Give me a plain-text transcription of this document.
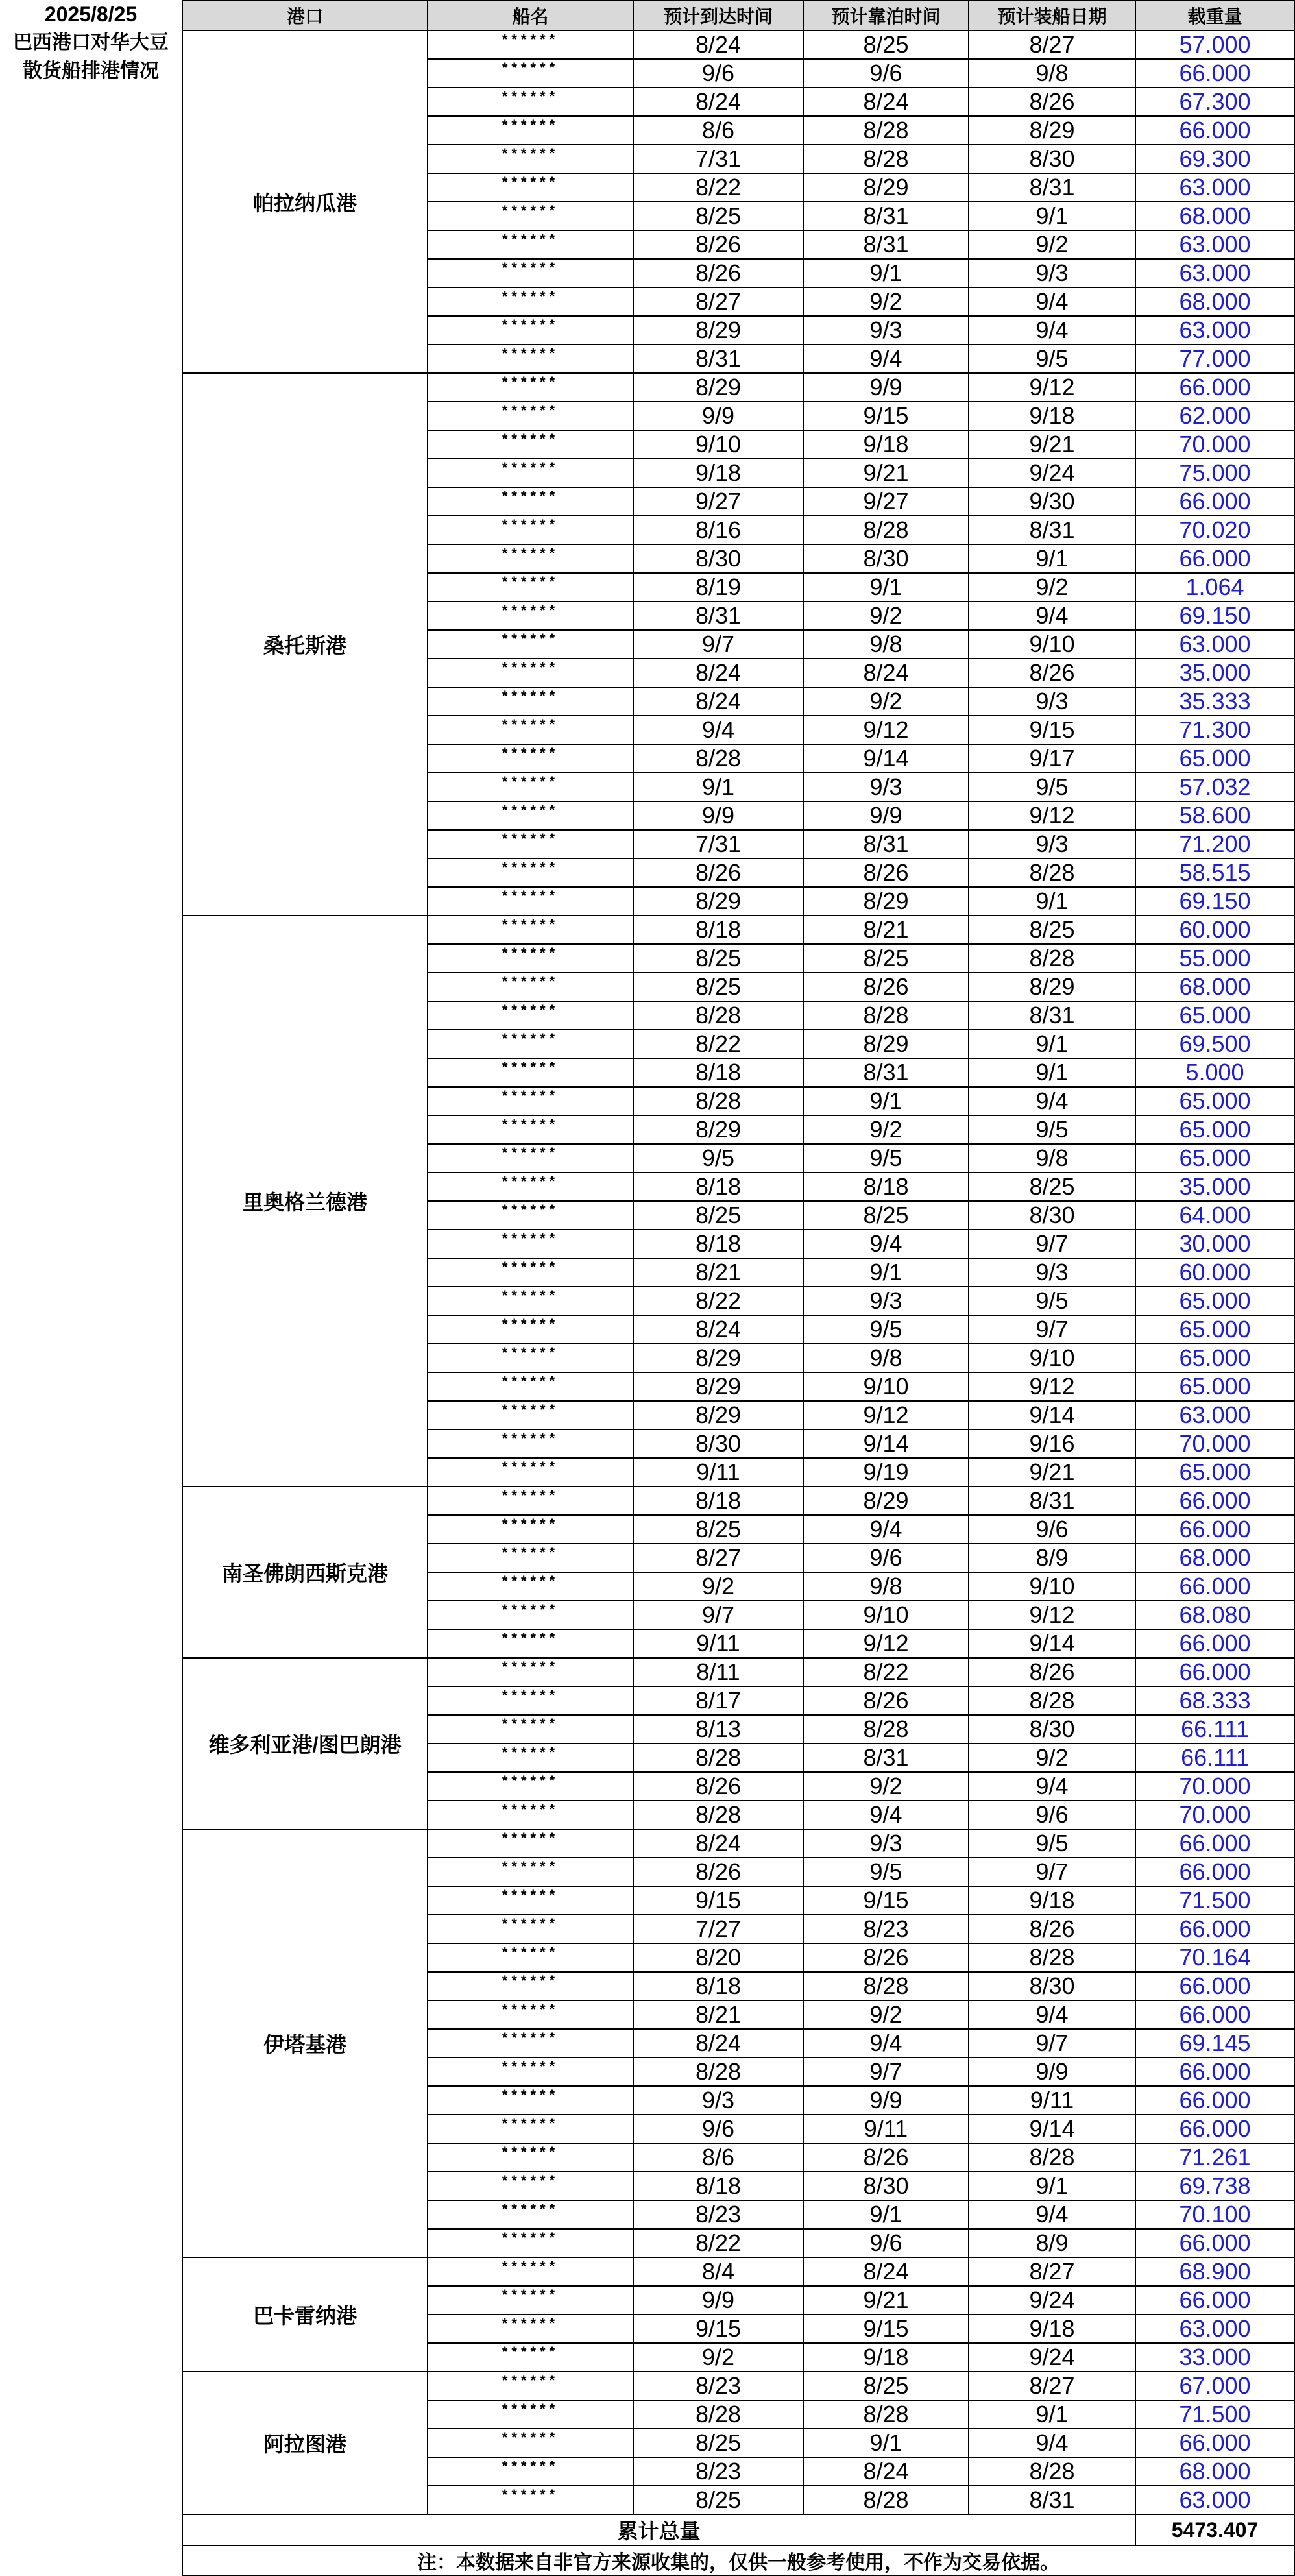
2025/8/25
巴西港口对华大豆
散货船排港情况
港口	船名	预计到达时间	预计靠泊时间	预计装船日期	载重量
帕拉纳瓜港	******	8/24	8/25	8/27	57.000
	******	9/6	9/6	9/8	66.000
	******	8/24	8/24	8/26	67.300
	******	8/6	8/28	8/29	66.000
	******	7/31	8/28	8/30	69.300
	******	8/22	8/29	8/31	63.000
	******	8/25	8/31	9/1	68.000
	******	8/26	8/31	9/2	63.000
	******	8/26	9/1	9/3	63.000
	******	8/27	9/2	9/4	68.000
	******	8/29	9/3	9/4	63.000
	******	8/31	9/4	9/5	77.000
桑托斯港	******	8/29	9/9	9/12	66.000
	******	9/9	9/15	9/18	62.000
	******	9/10	9/18	9/21	70.000
	******	9/18	9/21	9/24	75.000
	******	9/27	9/27	9/30	66.000
	******	8/16	8/28	8/31	70.020
	******	8/30	8/30	9/1	66.000
	******	8/19	9/1	9/2	1.064
	******	8/31	9/2	9/4	69.150
	******	9/7	9/8	9/10	63.000
	******	8/24	8/24	8/26	35.000
	******	8/24	9/2	9/3	35.333
	******	9/4	9/12	9/15	71.300
	******	8/28	9/14	9/17	65.000
	******	9/1	9/3	9/5	57.032
	******	9/9	9/9	9/12	58.600
	******	7/31	8/31	9/3	71.200
	******	8/26	8/26	8/28	58.515
	******	8/29	8/29	9/1	69.150
里奥格兰德港	******	8/18	8/21	8/25	60.000
	******	8/25	8/25	8/28	55.000
	******	8/25	8/26	8/29	68.000
	******	8/28	8/28	8/31	65.000
	******	8/22	8/29	9/1	69.500
	******	8/18	8/31	9/1	5.000
	******	8/28	9/1	9/4	65.000
	******	8/29	9/2	9/5	65.000
	******	9/5	9/5	9/8	65.000
	******	8/18	8/18	8/25	35.000
	******	8/25	8/25	8/30	64.000
	******	8/18	9/4	9/7	30.000
	******	8/21	9/1	9/3	60.000
	******	8/22	9/3	9/5	65.000
	******	8/24	9/5	9/7	65.000
	******	8/29	9/8	9/10	65.000
	******	8/29	9/10	9/12	65.000
	******	8/29	9/12	9/14	63.000
	******	8/30	9/14	9/16	70.000
	******	9/11	9/19	9/21	65.000
南圣佛朗西斯克港	******	8/18	8/29	8/31	66.000
	******	8/25	9/4	9/6	66.000
	******	8/27	9/6	8/9	68.000
	******	9/2	9/8	9/10	66.000
	******	9/7	9/10	9/12	68.080
	******	9/11	9/12	9/14	66.000
维多利亚港/图巴朗港	******	8/11	8/22	8/26	66.000
	******	8/17	8/26	8/28	68.333
	******	8/13	8/28	8/30	66.111
	******	8/28	8/31	9/2	66.111
	******	8/26	9/2	9/4	70.000
	******	8/28	9/4	9/6	70.000
伊塔基港	******	8/24	9/3	9/5	66.000
	******	8/26	9/5	9/7	66.000
	******	9/15	9/15	9/18	71.500
	******	7/27	8/23	8/26	66.000
	******	8/20	8/26	8/28	70.164
	******	8/18	8/28	8/30	66.000
	******	8/21	9/2	9/4	66.000
	******	8/24	9/4	9/7	69.145
	******	8/28	9/7	9/9	66.000
	******	9/3	9/9	9/11	66.000
	******	9/6	9/11	9/14	66.000
	******	8/6	8/26	8/28	71.261
	******	8/18	8/30	9/1	69.738
	******	8/23	9/1	9/4	70.100
	******	8/22	9/6	8/9	66.000
巴卡雷纳港	******	8/4	8/24	8/27	68.900
	******	9/9	9/21	9/24	66.000
	******	9/15	9/15	9/18	63.000
	******	9/2	9/18	9/24	33.000
阿拉图港	******	8/23	8/25	8/27	67.000
	******	8/28	8/28	9/1	71.500
	******	8/25	9/1	9/4	66.000
	******	8/23	8/24	8/28	68.000
	******	8/25	8/28	8/31	63.000
累计总量					5473.407
注：本数据来自非官方来源收集的，仅供一般参考使用，不作为交易依据。					
